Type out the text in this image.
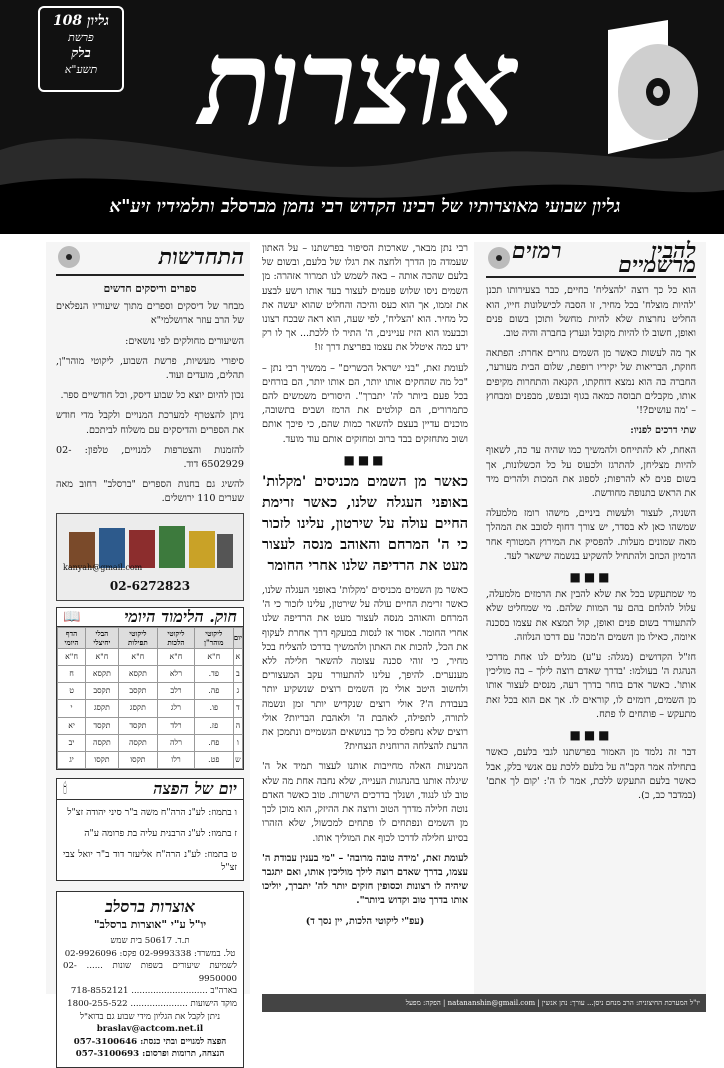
גליון 108
פרשת
בלק
תשע"א אוצרות
גליון שבועי מאוצרותיו של רבינו הקדוש רבי נחמן מברסלב ותלמידיו זיע"א
להבין רמזים מרשמיים

הוא כל כך רוצה 'להצליח' בחיים, כבר בצעירותו תכנן 'להיות מוצלח' בכל מחיר, זו הסבה לכישלונות חייו, הוא החליט נחרצות שלא להיות מחשל ותוכן בשום פנים ואופן, חשוב לו להיות מקובל ונערץ בחברה והיה טוב.

אך מה לעשות כאשר מן השמים גוזרים אחרת: הפתאה חוזקת, הבריאות של יקיריו רופפת, שלום הבית מעורער, החברה בה הוא נמצא דוחקתו, הקנאה והתחרות מקיפים אותו, מקבלים תבוסה כמאה בגוף ובנפש, מבפנים ומבחוץ – 'מה עושים?!'

שתי דרכים לפניו:

האחת, לא להתייחס ולהמשיך כמו שהיה עד כה, לשאוף להיות מצליחן, להתרגז ולכעוס על כל הכשלונות, אך בשום פנים לא להרפות; לספוג את המכות ולהרים מיד את הראש בתנופה מחודשת.

השניה, לעצור ולעשות ביניים, מישהו רומז מלמעלה שמשהו כאן לא בסדר, יש צורך דחוף לסובב את המהלך מאה שמונים מעלות. להפסיק את המירוץ המטורף אחר הדמיון הכוזב ולהתחיל להשקיע בנשמה שישאר לעד.

■■■

מי שמתעקש בכל את שלא להבין את הרמזים מלמעלה, עלול להלחם בהם עד המוות שלהם. מי שמחליט שלא להתעורר בשום פנים ואופן, קול תמצא את עצמו בסכנה איומה, כאילו מן השמים ה'מכה' עם דרכו הנלוזה.

חז"ל הקדושים (מגלה: ע"ע) מגלים לנו אחת מדרכי הנהגת ה' בעולמו: 'בדרך שאדם רוצה לילך – בה מוליכין אותו'. כאשר אדם בוחר בדרך רעה, מנסים לעצור אותו מן השמים, רומזים לו, קוראים לו. אך אם הוא בכל זאת מתעקש – פותחים לו פתח.

■■■

דבר זה נלמד מן האמור בפרשתנו לגבי בלעם, כאשר בתחילה אמר הקב"ה על בלעם ללכת עם אנשי בלק, אבל כאשר בלעם התעקש ללכת, אמר לו ה': 'קום לך אתם' (במדבר כב, כ).

רבי נתן מבאר, שארכות הסיפור בפרשתנו – על האתון שעמדה מן הדרך ולחצה את רגלו של בלעם, ובשום של בלעם שהכה אותה – באה לשמש לנו תמרור אזהרה: מן השמים ניסו שלוש פעמים לעצור בעד אותו רשע לבצע את זממו, אך הוא כעס והיכה והחליט שהוא יעשה את כל מחיר. הוא 'הצליח', לפי שעה, הוא ראה שבכח רצונו וכבעמו הוא הזיז עניינים, ה' התיר לו ללכת... אך לו רק ידע כמה איטלל את עצמו בפריצת דרך זו!

לעומת זאת, "בני ישראל הכשרים" – ממשיך רבי נתן – "כל מה שהחקים אותו יותר, הם אותו יותר, הם בורחים בכל פעם ביותר לה' יתברך". היסורים משמשים להם כתמרורים, הם קולטים את הרמז ושבים בתשובה, מוכנים עדיין בעצם להשאר כמות שהם, כי פיכך אותם ושוב מתחזקים בבד ברוב ומחזקים אותם עוד מועד.

■■■
כאשר מן השמים מכניסים 'מקלות' באופני העגלה שלנו, כאשר זרימת החיים עולה על שירטון, עלינו לזכור כי ה' המרחם והאוהב מנסה לעצור מעט את הרדיפה שלנו אחרי החומר

כאשר מן השמים מכניסים 'מקלות' באופני העגלה שלנו, כאשר זרימת החיים עולה על שירטון, עלינו לזכור כי ה' המרחם והאוהב מנסה לעצור מעט את הרדיפה שלנו אחרי החומר. אסור אז לנסות במעקף דרך אחרת לעקוף את הכל, להכות את האתון ולהמשיך בדרכו להצליח בכל מחיר, כי זוהי סכנה עצומה להשאר חלילה ללא מענערים. להיפך, עלינו להתעורר עקב המעצורים ולחשוב היטב אולי מן השמים רוצים שנשקיע יותר בעבודת ה'? אולי רוצים שנקדיש יותר זמן ונשמה לתורה, לתפילה, לאהבת ה' ולאהבת הבריות? אולי רוצים שלא נחפלס כל כך בנושאים הגשמיים ונתמכן את הדעת להצלחה הרוחנית הנצחית?

המניעות האלה מחייבות אותנו לעצור תמיד אל ה' שיגלה אותנו בהנהגות הענייה, שלא נחבה אחת מה שלא טוב לנו לנגוד, ושנלך בדרכים הישרות. טוב כאשר האדם נוטה חלילה מדרך הטוב ורוצה את ההיזק, הוא מוכן לכך מן השמים ונפתחים לו פתחים למכשול, שלא הזהרו בסיוע חלילה לדרכו לכוף את המוליך אותו.

לעומת זאת, 'מידה טובה מרובה' – "מי בענין עבודת ה' עצמו, בדרך שאדם רוצה לילך מוליכין אותו, ואם יתגבר שיהיה לו רצונות וכסופין חזקים יותר לה' יתברך, יוליכו אותו בדרך טוב וקדוש ביותר".

(עפ"י ליקוטי הלכות, יין נסך ד)

התחדשות
ספרים ודיסקים חדשים

מבחר של דיסקים וספרים מתוך שיעוריו הנפלאים של הרב עוזר ארושלמי"א

השיעורים מחולקים לפי נושאים:

סיפורי מעשיות, פרשת השבוע, ליקוטי מוהר"ן, תהלים, מועדים ועוד.

נכון להיום יוצא כל שבוע דיסק, וכל חודשיים ספר.

ניתן להצטרף למערכת המנויים ולקבל מדי חודש את הספרים והדיסקים עם משלוח לביתכם.

להזמנות והצטרפות למנויים, טלפון: 02-6502929 דוד.

להשיג גם בחנות הספרים "ברסלב" רחוב מאה שערים 110 ירושלים.

kanyah@gmail.com
02-6272823
חוק. הלימוד היומי
📖
יום	ליקוטי מוהר"ן	ליקוטי הלכות	ליקוטי תפילות	הבלי יחיצלי	הדף היומי
א	ח"א	ח"א	ח"א	ח"א	ח"א
ב	פד.	רלא	תקסא	תקסא	ח
ג	פה.	רלב	תקסב	תקסב	ט
ד	פו.	רלג	תקסג	תקסג	י
ה	פז.	רלד	תקסד	תקסד	יא
ו	פח.	רלה	תקסה	תקסה	יב
ש	פט.	רלו	תקסו	תקסו	יג
יום של הפצה
🕯
ו בתמוז: לע"נ הרה"ח משה ב"ר סיני יהודה זצ"ל
ז בתמוז: לע"נ הרבנית עליה בת פרומה ע"ה
ט בתמוז: לע"נ הרה"ח אליעזר דוד ב"ר יואל צבי זצ"ל
אוצרות ברסלב
יו"ל ע"י "אוצרות ברסלב"
ת.ד. 50617 בית שמש
טל. במשרד: 02-9993338 פקס: 02-9926096
לשמיעת שיעורים בשפות שונות ...... 02-9950000
בארה"ב ............................ 718-8552121
מוקד הישועות ..................... 1800-255-522
ניתן לקבל את הגליון מידי שבוע גם בדוא"ל
braslav@actcom.net.il
הפצה למנויים ובתי כנסת: 057-3100646
הנצחה, תרומות ופרסום: 057-3100693
יו"ל המערכת החיצונית: הרב מנחם ניסן... עורך: נתן אנשין | natananshin@gmail.com | הפקה: מפעל
